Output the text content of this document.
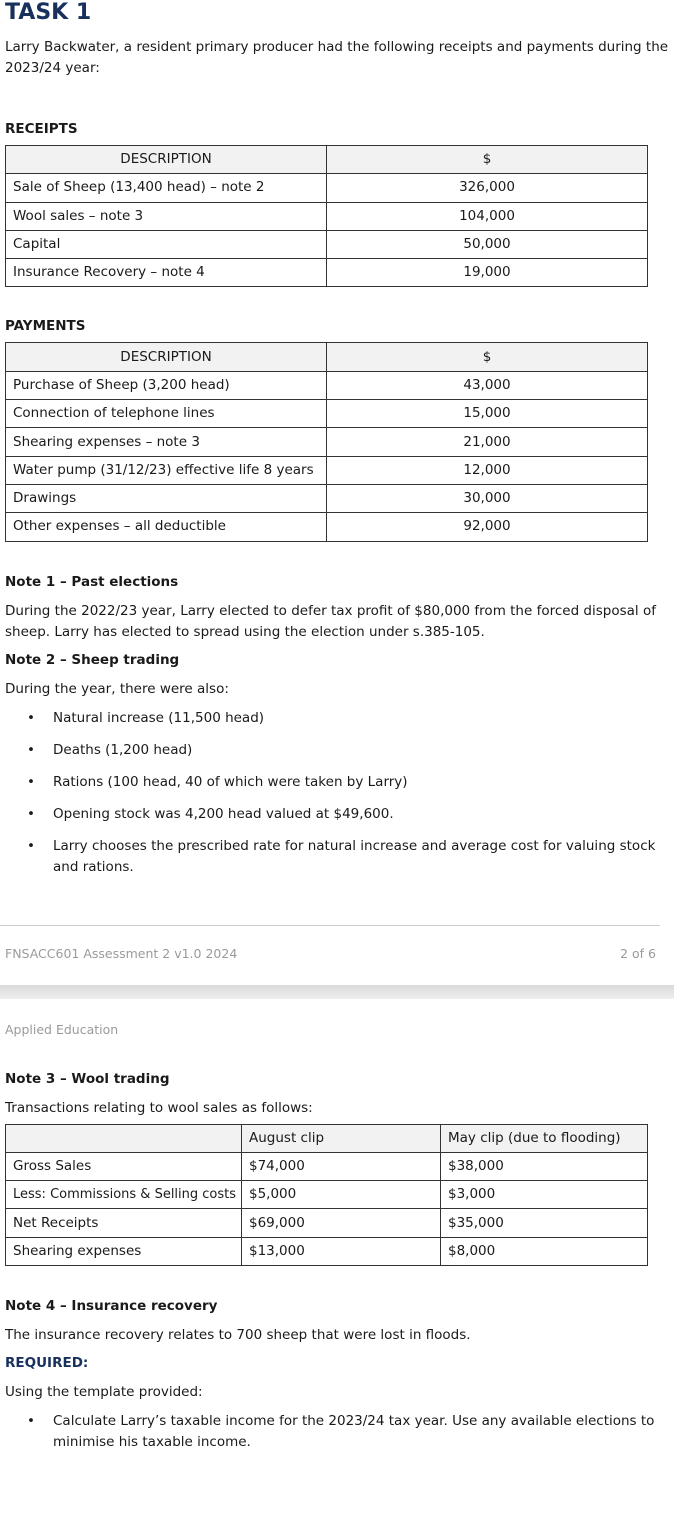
TASK 1

Larry Backwater, a resident primary producer had the following receipts and payments during the 2023/24 year:

RECEIPTS

DESCRIPTION	$
Sale of Sheep (13,400 head) – note 2	326,000
Wool sales – note 3	104,000
Capital	50,000
Insurance Recovery – note 4	19,000

PAYMENTS

DESCRIPTION	$
Purchase of Sheep (3,200 head)	43,000
Connection of telephone lines	15,000
Shearing expenses – note 3	21,000
Water pump (31/12/23) effective life 8 years	12,000
Drawings	30,000
Other expenses – all deductible	92,000

Note 1 – Past elections

During the 2022/23 year, Larry elected to defer tax profit of $80,000 from the forced disposal of sheep. Larry has elected to spread using the election under s.385-105.

Note 2 – Sheep trading

During the year, there were also:

• Natural increase (11,500 head)
• Deaths (1,200 head)
• Rations (100 head, 40 of which were taken by Larry)
• Opening stock was 4,200 head valued at $49,600.
• Larry chooses the prescribed rate for natural increase and average cost for valuing stock and rations.
FNSACC601 Assessment 2 v1.0 2024	2 of 6
Applied Education

Note 3 – Wool trading

Transactions relating to wool sales as follows:

	August clip	May clip (due to flooding)
Gross Sales	$74,000	$38,000
Less: Commissions & Selling costs	$5,000	$3,000
Net Receipts	$69,000	$35,000
Shearing expenses	$13,000	$8,000

Note 4 – Insurance recovery

The insurance recovery relates to 700 sheep that were lost in floods.

REQUIRED:

Using the template provided:

• Calculate Larry’s taxable income for the 2023/24 tax year. Use any available elections to minimise his taxable income.
